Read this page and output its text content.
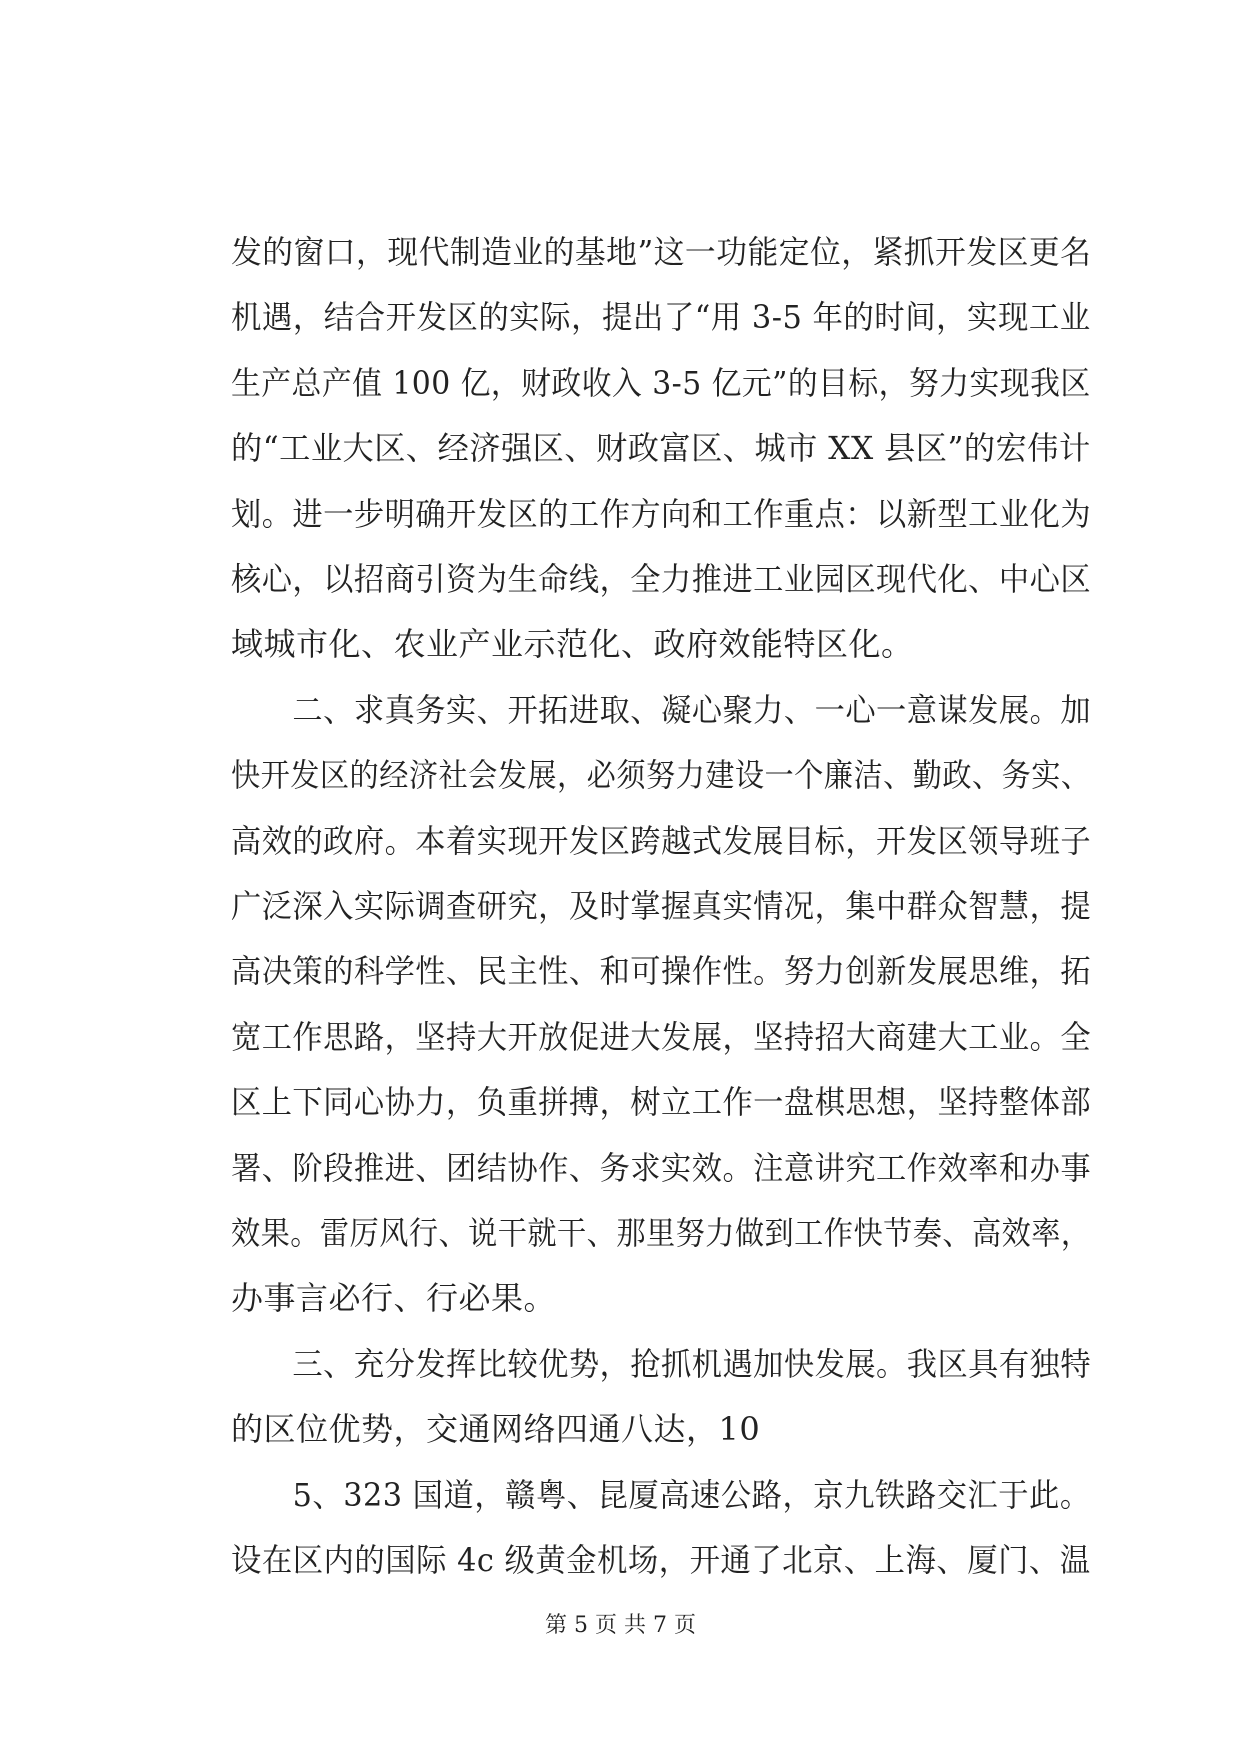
发的窗口，现代制造业的基地”这一功能定位，紧抓开发区更名
机遇，结合开发区的实际，提出了“用 3-5 年的时间，实现工业
生产总产值 100 亿，财政收入 3-5 亿元”的目标，努力实现我区
的“工业大区、经济强区、财政富区、城市 XX 县区”的宏伟计
划。进一步明确开发区的工作方向和工作重点：以新型工业化为
核心，以招商引资为生命线，全力推进工业园区现代化、中心区
域城市化、农业产业示范化、政府效能特区化。
　　二、求真务实、开拓进取、凝心聚力、一心一意谋发展。加
快开发区的经济社会发展，必须努力建设一个廉洁、勤政、务实、
高效的政府。本着实现开发区跨越式发展目标，开发区领导班子
广泛深入实际调查研究，及时掌握真实情况，集中群众智慧，提
高决策的科学性、民主性、和可操作性。努力创新发展思维，拓
宽工作思路，坚持大开放促进大发展，坚持招大商建大工业。全
区上下同心协力，负重拼搏，树立工作一盘棋思想，坚持整体部
署、阶段推进、团结协作、务求实效。注意讲究工作效率和办事
效果。雷厉风行、说干就干、那里努力做到工作快节奏、高效率，
办事言必行、行必果。
　　三、充分发挥比较优势，抢抓机遇加快发展。我区具有独特
的区位优势，交通网络四通八达，10
　　5、323 国道，赣粤、昆厦高速公路，京九铁路交汇于此。
设在区内的国际 4c 级黄金机场，开通了北京、上海、厦门、温
第 5 页 共 7 页
